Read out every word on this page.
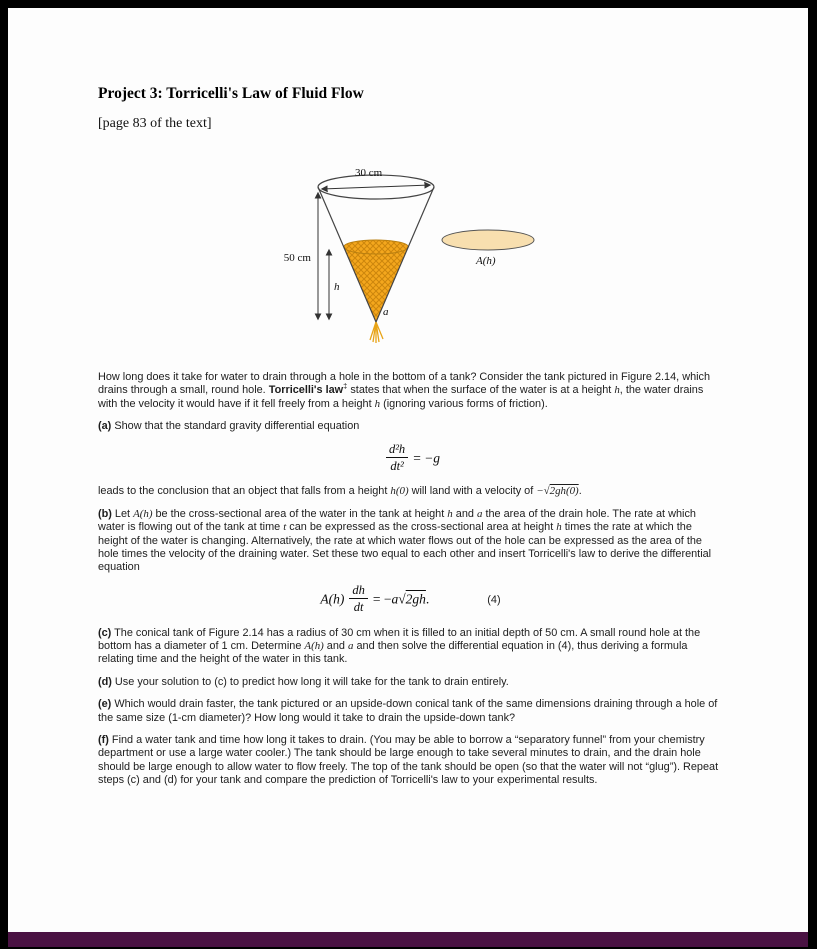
Project 3: Torricelli's Law of Fluid Flow
[page 83 of the text]
30 cm
50 cm
h
a
A(h)

How long does it take for water to drain through a hole in the bottom of a tank? Consider the tank pictured in Figure 2.14, which drains through a small, round hole. Torricelli's law‡ states that when the surface of the water is at a height h, the water drains with the velocity it would have if it fell freely from a height h (ignoring various forms of friction).

(a) Show that the standard gravity differential equation

$\frac{\text{d²h}}{\text{dt²}} = -g$

leads to the conclusion that an object that falls from a height h(0) will land with a velocity of −√2gh(0).

(b) Let A(h) be the cross-sectional area of the water in the tank at height h and a the area of the drain hole. The rate at which water is flowing out of the tank at time t can be expressed as the cross-sectional area at height h times the rate at which the height of the water is changing. Alternatively, the rate at which water flows out of the hole can be expressed as the area of the hole times the velocity of the draining water. Set these two equal to each other and insert Torricelli's law to derive the differential equation

$A(h) \frac{dh}{dt} = -a√2gh$.	(4)

(c) The conical tank of Figure 2.14 has a radius of 30 cm when it is filled to an initial depth of 50 cm. A small round hole at the bottom has a diameter of 1 cm. Determine A(h) and a and then solve the differential equation in (4), thus deriving a formula relating time and the height of the water in this tank.

(d) Use your solution to (c) to predict how long it will take for the tank to drain entirely.

(e) Which would drain faster, the tank pictured or an upside-down conical tank of the same dimensions draining through a hole of the same size (1-cm diameter)? How long would it take to drain the upside-down tank?

(f) Find a water tank and time how long it takes to drain. (You may be able to borrow a “separatory funnel” from your chemistry department or use a large water cooler.) The tank should be large enough to take several minutes to drain, and the drain hole should be large enough to allow water to flow freely. The top of the tank should be open (so that the water will not “glug”). Repeat steps (c) and (d) for your tank and compare the prediction of Torricelli's law to your experimental results.
